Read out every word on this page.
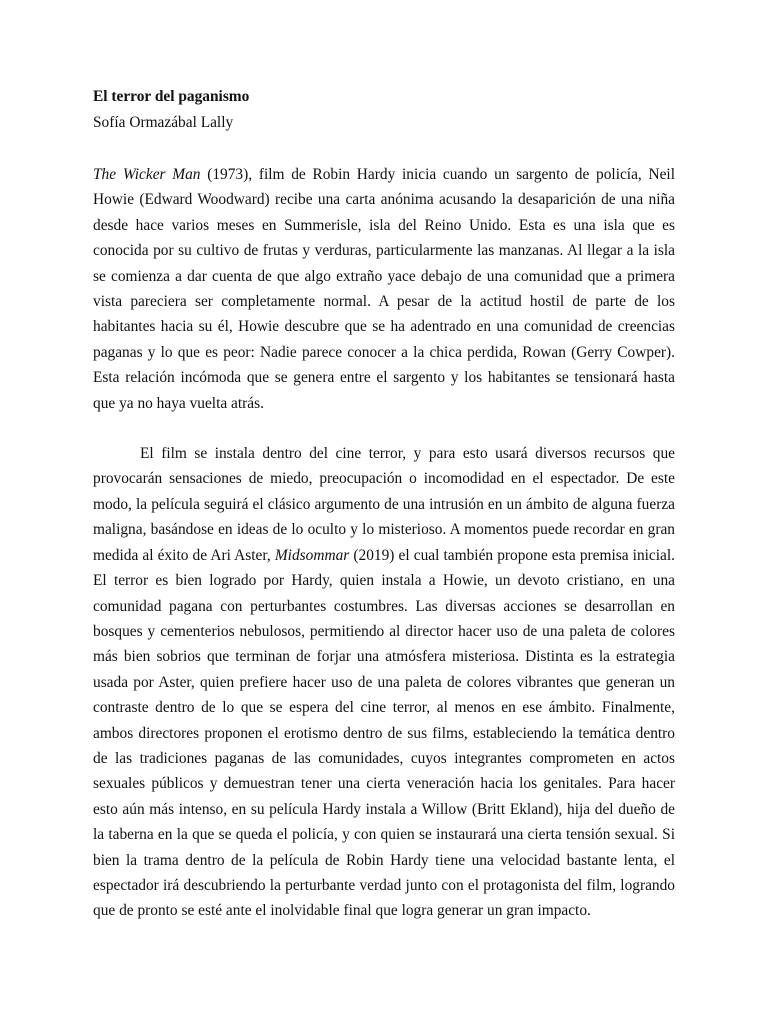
El terror del paganismo

Sofía Ormazábal Lally

The Wicker Man (1973), film de Robin Hardy inicia cuando un sargento de policía, Neil Howie (Edward Woodward) recibe una carta anónima acusando la desaparición de una niña desde hace varios meses en Summerisle, isla del Reino Unido. Esta es una isla que es conocida por su cultivo de frutas y verduras, particularmente las manzanas. Al llegar a la isla se comienza a dar cuenta de que algo extraño yace debajo de una comunidad que a primera vista pareciera ser completamente normal. A pesar de la actitud hostil de parte de los habitantes hacia su él, Howie descubre que se ha adentrado en una comunidad de creencias paganas y lo que es peor: Nadie parece conocer a la chica perdida, Rowan (Gerry Cowper). Esta relación incómoda que se genera entre el sargento y los habitantes se tensionará hasta que ya no haya vuelta atrás.

El film se instala dentro del cine terror, y para esto usará diversos recursos que provocarán sensaciones de miedo, preocupación o incomodidad en el espectador. De este modo, la película seguirá el clásico argumento de una intrusión en un ámbito de alguna fuerza maligna, basándose en ideas de lo oculto y lo misterioso. A momentos puede recordar en gran medida al éxito de Ari Aster, Midsommar (2019) el cual también propone esta premisa inicial. El terror es bien logrado por Hardy, quien instala a Howie, un devoto cristiano, en una comunidad pagana con perturbantes costumbres. Las diversas acciones se desarrollan en bosques y cementerios nebulosos, permitiendo al director hacer uso de una paleta de colores más bien sobrios que terminan de forjar una atmósfera misteriosa. Distinta es la estrategia usada por Aster, quien prefiere hacer uso de una paleta de colores vibrantes que generan un contraste dentro de lo que se espera del cine terror, al menos en ese ámbito. Finalmente, ambos directores proponen el erotismo dentro de sus films, estableciendo la temática dentro de las tradiciones paganas de las comunidades, cuyos integrantes comprometen en actos sexuales públicos y demuestran tener una cierta veneración hacia los genitales. Para hacer esto aún más intenso, en su película Hardy instala a Willow (Britt Ekland), hija del dueño de la taberna en la que se queda el policía, y con quien se instaurará una cierta tensión sexual. Si bien la trama dentro de la película de Robin Hardy tiene una velocidad bastante lenta, el espectador irá descubriendo la perturbante verdad junto con el protagonista del film, logrando que de pronto se esté ante el inolvidable final que logra generar un gran impacto.
